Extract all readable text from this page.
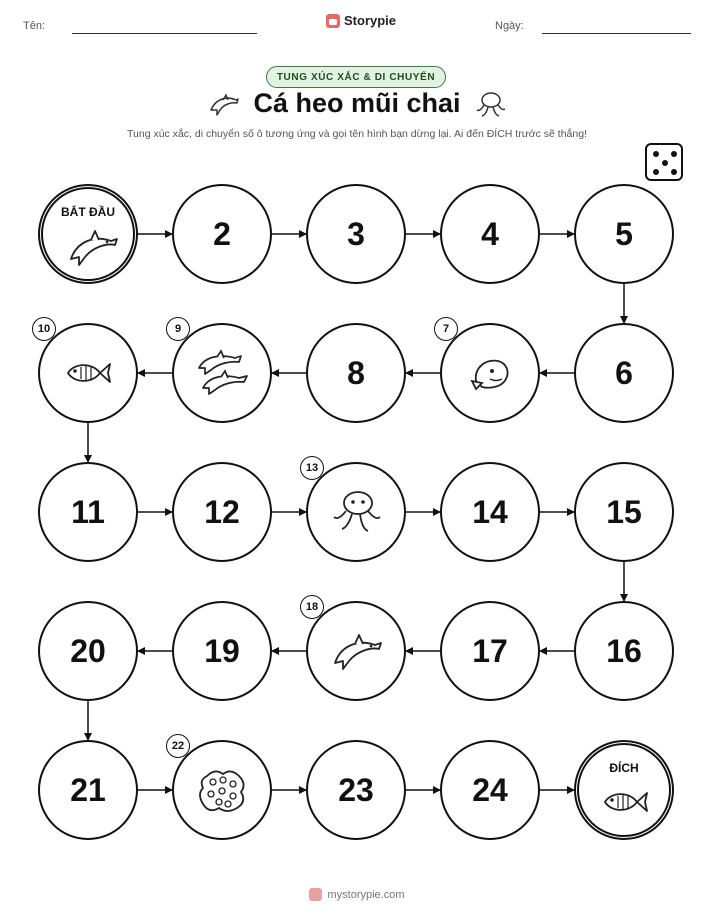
Tên:	Storypie	Ngày:
TUNG XÚC XẮC & DI CHUYỂN
Cá heo mũi chai
Tung xúc xắc, di chuyển số ô tương ứng và gọi tên hình bạn dừng lại. Ai đến ĐÍCH trước sẽ thắng!
BẮT ĐẦU
2	3	4	5
6
7
8
9
10
11	12
13
14	15
16
17
18
19
20
21
22
23	24
ĐÍCH
mystorypie.com
